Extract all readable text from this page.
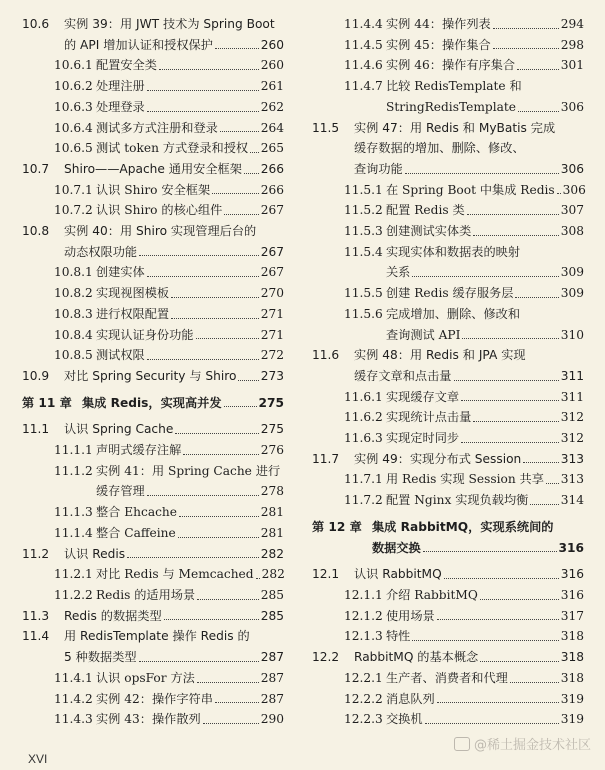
10.6	实例 39：用 JWT 技术为 Spring Boot
的 API 增加认证和授权保护	260
10.6.1 配置安全类	260
10.6.2 处理注册	261
10.6.3 处理登录	262
10.6.4 测试多方式注册和登录	264
10.6.5 测试 token 方式登录和授权 265
10.7	Shiro——Apache 通用安全框架 266
10.7.1 认识 Shiro 安全框架	266
10.7.2 认识 Shiro 的核心组件	267
10.8	实例 40：用 Shiro 实现管理后台的
动态权限功能	267
10.8.1 创建实体	267
10.8.2 实现视图模板	270
10.8.3 进行权限配置	271
10.8.4 实现认证身份功能	271
10.8.5 测试权限	272
10.9	对比 Spring Security 与 Shiro 273
第 11 章 集成 Redis，实现高并发	275
11.1	认识 Spring Cache	275
11.1.1 声明式缓存注解	276
11.1.2 实例 41：用 Spring Cache 进行
缓存管理	278
11.1.3 整合 Ehcache	281
11.1.4 整合 Caffeine	281
11.2	认识 Redis	282
11.2.1 对比 Redis 与 Memcached 282
11.2.2 Redis 的适用场景	285
11.3	Redis 的数据类型	285
11.4	用 RedisTemplate 操作 Redis 的
5 种数据类型	287
11.4.1 认识 opsFor 方法	287
11.4.2 实例 42：操作字符串	287
11.4.3 实例 43：操作散列	290
11.4.4 实例 44：操作列表	294
11.4.5 实例 45：操作集合	298
11.4.6 实例 46：操作有序集合	301
11.4.7 比较 RedisTemplate 和
StringRedisTemplate	306
11.5	实例 47：用 Redis 和 MyBatis 完成
缓存数据的增加、删除、修改、
查询功能	306
11.5.1 在 Spring Boot 中集成 Redis 306
11.5.2 配置 Redis 类	307
11.5.3 创建测试实体类	308
11.5.4 实现实体和数据表的映射
关系	309
11.5.5 创建 Redis 缓存服务层	309
11.5.6 完成增加、删除、修改和
查询测试 API	310
11.6	实例 48：用 Redis 和 JPA 实现
缓存文章和点击量	311
11.6.1 实现缓存文章	311
11.6.2 实现统计点击量	312
11.6.3 实现定时同步	312
11.7	实例 49：实现分布式 Session	313
11.7.1 用 Redis 实现 Session 共享 313
11.7.2 配置 Nginx 实现负载均衡	314
第 12 章 集成 RabbitMQ，实现系统间的
数据交换	316
12.1	认识 RabbitMQ	316
12.1.1 介绍 RabbitMQ	316
12.1.2 使用场景	317
12.1.3 特性	318
12.2	RabbitMQ 的基本概念	318
12.2.1 生产者、消费者和代理	318
12.2.2 消息队列	319
12.2.3 交换机	319
XVI
@稀土掘金技术社区
